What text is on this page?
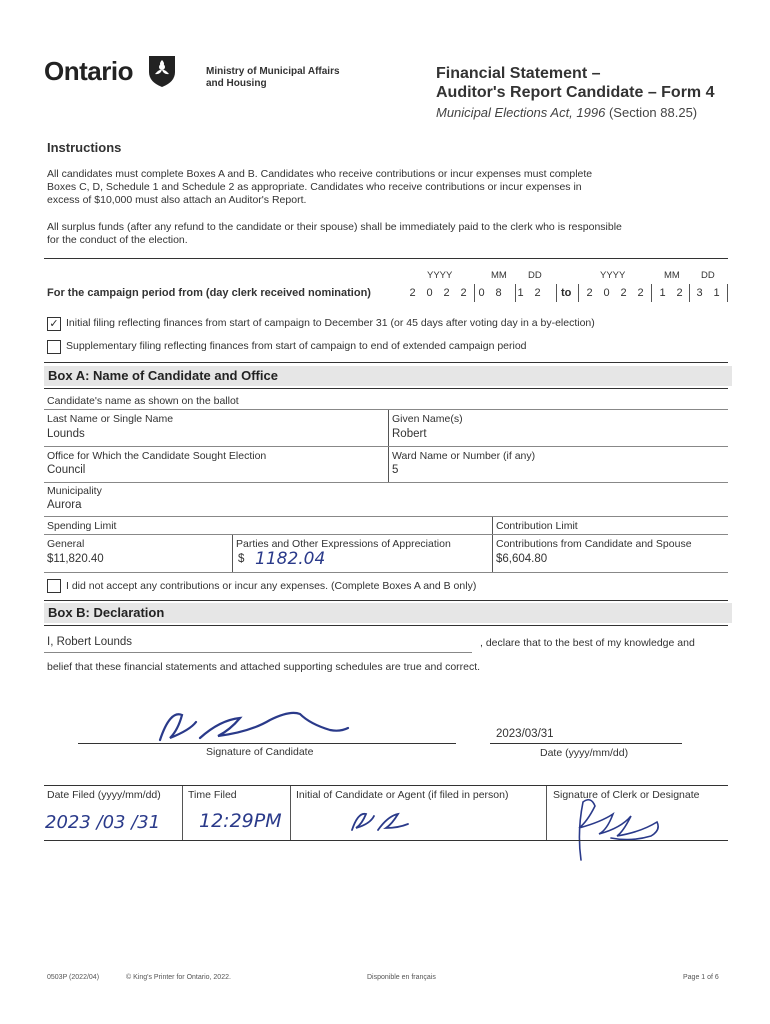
Ontario	Ministry of Municipal Affairs
and Housing
Financial Statement –
Auditor's Report Candidate – Form 4
Municipal Elections Act, 1996 (Section 88.25)
Instructions
All candidates must complete Boxes A and B. Candidates who receive contributions or incur expenses must complete
Boxes C, D, Schedule 1 and Schedule 2 as appropriate. Candidates who receive contributions or incur expenses in
excess of $10,000 must also attach an Auditor's Report.
All surplus funds (after any refund to the candidate or their spouse) shall be immediately paid to the clerk who is responsible
for the conduct of the election.
YYYY	MM DD	YYYY	MM DD
For the campaign period from (day clerk received nomination)	2 0 2 2	0 8	1 2	to	2 0 2 2	1 2	3 1
✓ Initial filing reflecting finances from start of campaign to December 31 (or 45 days after voting day in a by-election)
Supplementary filing reflecting finances from start of campaign to end of extended campaign period
Box A: Name of Candidate and Office
Candidate's name as shown on the ballot
Last Name or Single Name
Lounds
Given Name(s)
Robert
Office for Which the Candidate Sought Election
Council
Ward Name or Number (if any)
5
Municipality
Aurora
Spending Limit	Contribution Limit
General
$11,820.40
Parties and Other Expressions of Appreciation
$ 1182.04
Contributions from Candidate and Spouse
$6,604.80
I did not accept any contributions or incur any expenses. (Complete Boxes A and B only)
Box B: Declaration
I, Robert Lounds	, declare that to the best of my knowledge and
belief that these financial statements and attached supporting schedules are true and correct.
Signature of Candidate
2023/03/31
Date (yyyy/mm/dd)
Date Filed (yyyy/mm/dd)
2023 /03 /31
Time Filed
12:29PM
Initial of Candidate or Agent (if filed in person)	Signature of Clerk or Designate
0503P (2022/04)	© King's Printer for Ontario, 2022.	Disponible en français	Page 1 of 6
